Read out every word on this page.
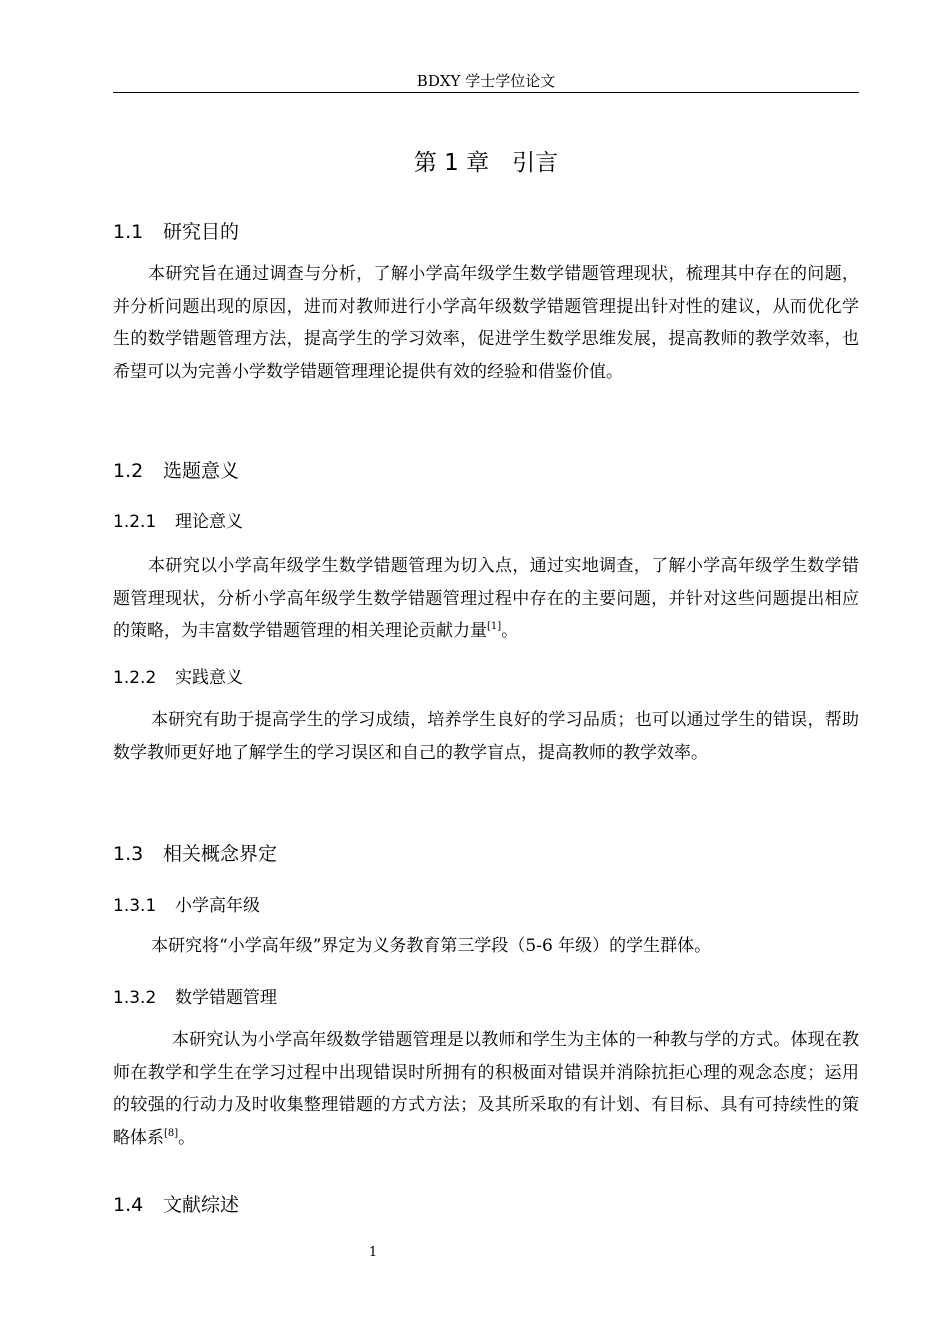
BDXY 学士学位论文
第 1 章　引言
1.1 研究目的

本研究旨在通过调查与分析，了解小学高年级学生数学错题管理现状，梳理其中存在的问题，并分析问题出现的原因，进而对教师进行小学高年级数学错题管理提出针对性的建议，从而优化学生的数学错题管理方法，提高学生的学习效率，促进学生数学思维发展，提高教师的教学效率，也希望可以为完善小学数学错题管理理论提供有效的经验和借鉴价值。

1.2 选题意义
1.2.1 理论意义

本研究以小学高年级学生数学错题管理为切入点，通过实地调查，了解小学高年级学生数学错题管理现状，分析小学高年级学生数学错题管理过程中存在的主要问题，并针对这些问题提出相应的策略，为丰富数学错题管理的相关理论贡献力量[1]。

1.2.2 实践意义

本研究有助于提高学生的学习成绩，培养学生良好的学习品质；也可以通过学生的错误，帮助数学教师更好地了解学生的学习误区和自己的教学盲点，提高教师的教学效率。

1.3 相关概念界定
1.3.1 小学高年级

本研究将“小学高年级”界定为义务教育第三学段（5-6 年级）的学生群体。

1.3.2 数学错题管理

本研究认为小学高年级数学错题管理是以教师和学生为主体的一种教与学的方式。体现在教师在教学和学生在学习过程中出现错误时所拥有的积极面对错误并消除抗拒心理的观念态度；运用的较强的行动力及时收集整理错题的方式方法；及其所采取的有计划、有目标、具有可持续性的策略体系[8]。

1.4 文献综述
1
